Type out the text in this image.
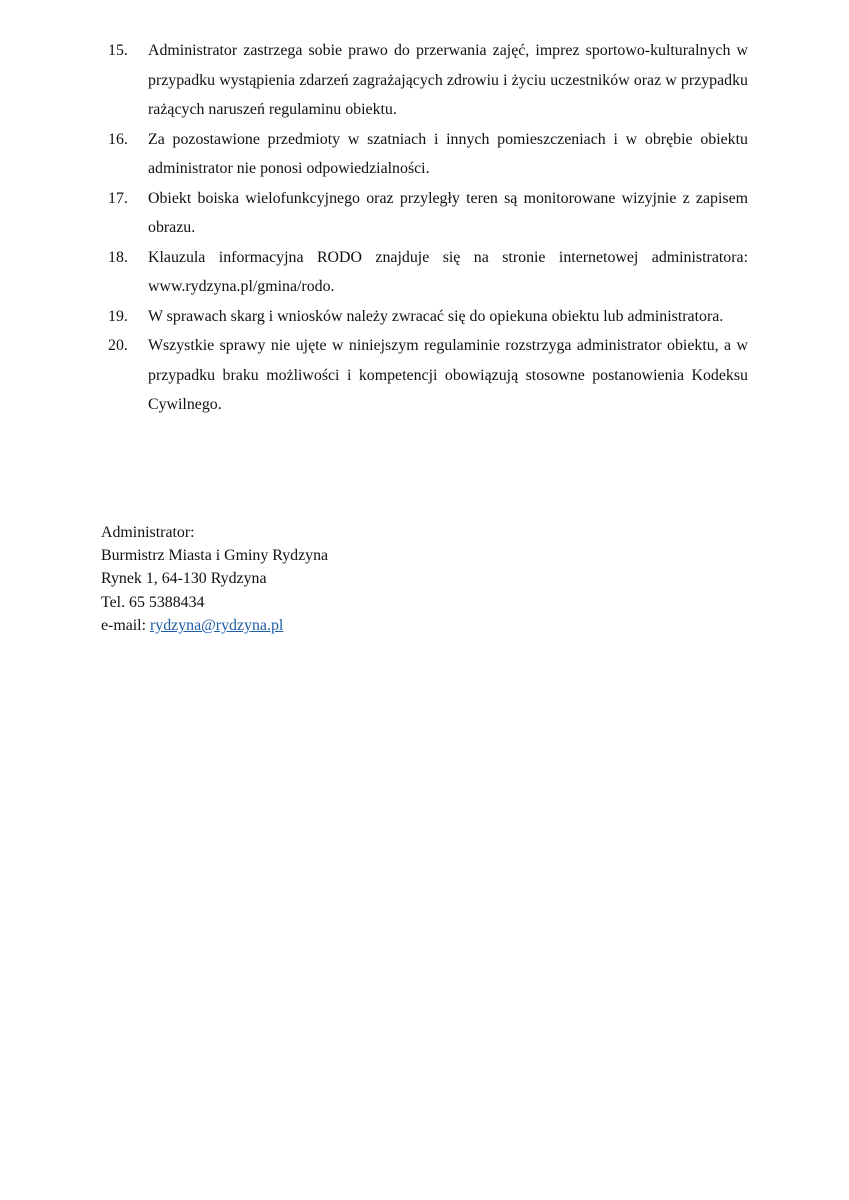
15 .	Administrator zastrzega sobie prawo do przerwania zajęć, imprez sportowo-kulturalnych w przypadku wystąpienia zdarzeń zagrażających zdrowiu i życiu uczestników oraz w przypadku rażących naruszeń regulaminu obiektu.
16 .	Za pozostawione przedmioty w szatniach i innych pomieszczeniach i w obrębie obiektu administrator nie ponosi odpowiedzialności.
17 .	Obiekt boiska wielofunkcyjnego oraz przyległy teren są monitorowane wizyjnie z zapisem obrazu.
18 .	Klauzula informacyjna RODO znajduje się na stronie internetowej administratora: www.rydzyna.pl/gmina/rodo.
19 .	W sprawach skarg i wniosków należy zwracać się do opiekuna obiektu lub administratora.
20 .	Wszystkie sprawy nie ujęte w niniejszym regulaminie rozstrzyga administrator obiektu, a w przypadku braku możliwości i kompetencji obowiązują stosowne postanowienia Kodeksu Cywilnego.
Administrator:
Burmistrz Miasta i Gminy Rydzyna
Rynek 1, 64-130 Rydzyna
Tel. 65 5388434
e-mail: rydzyna@rydzyna.pl
